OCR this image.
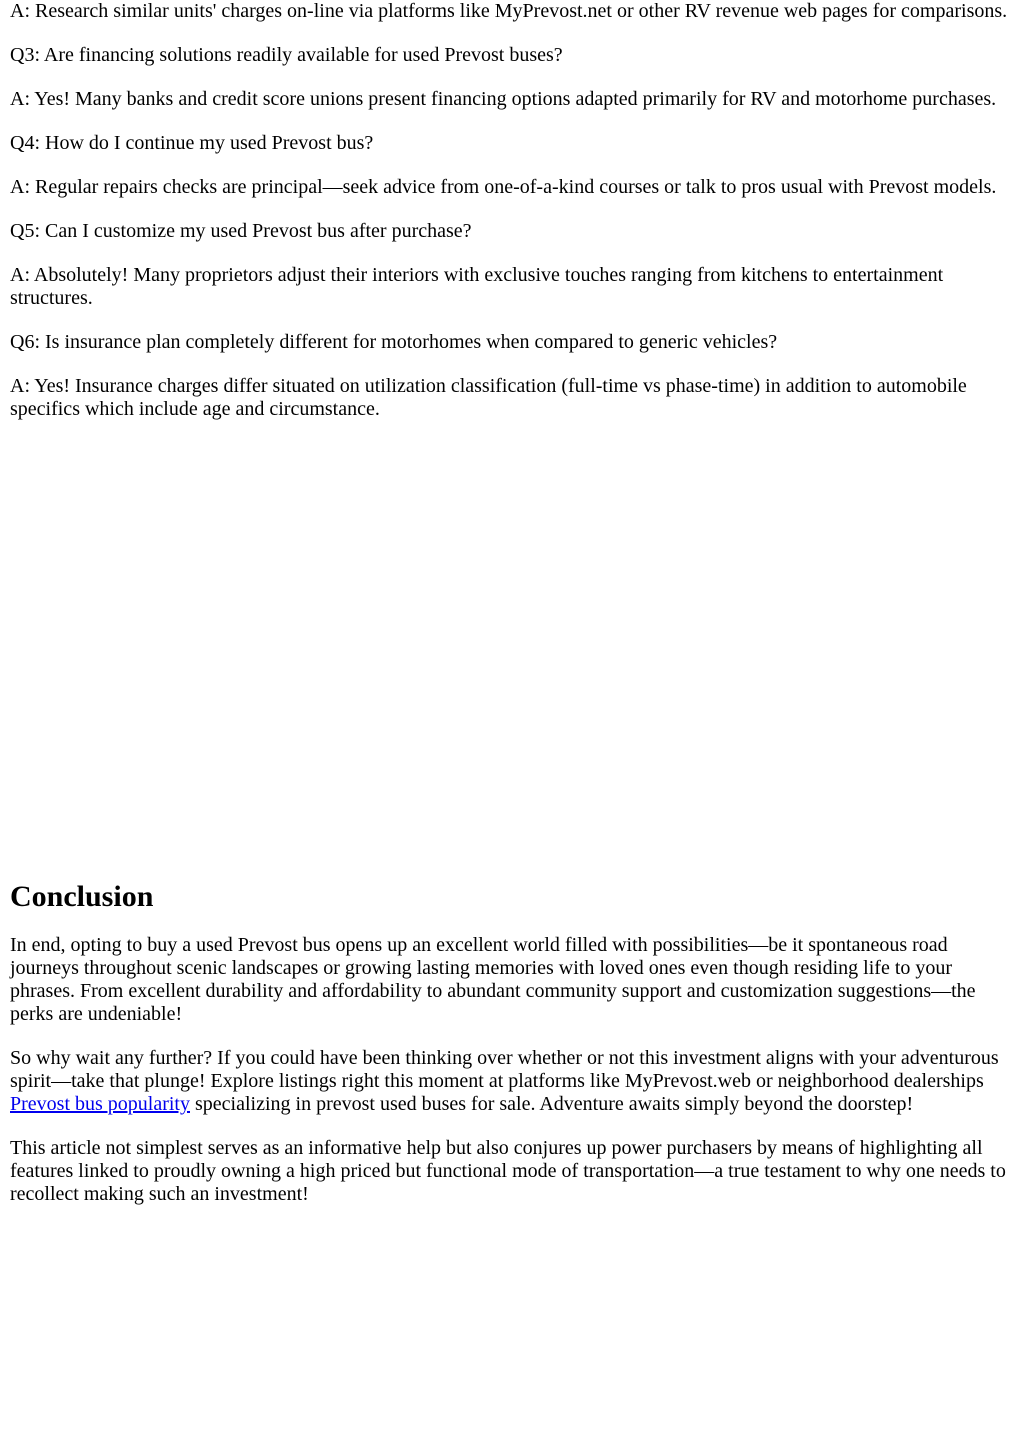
A: Research similar units' charges on-line via platforms like MyPrevost.net or other RV revenue web pages for comparisons.

Q3: Are financing solutions readily available for used Prevost buses?

A: Yes! Many banks and credit score unions present financing options adapted primarily for RV and motorhome purchases.

Q4: How do I continue my used Prevost bus?

A: Regular repairs checks are principal—seek advice from one-of-a-kind courses or talk to pros usual with Prevost models.

Q5: Can I customize my used Prevost bus after purchase?

A: Absolutely! Many proprietors adjust their interiors with exclusive touches ranging from kitchens to entertainment structures.

Q6: Is insurance plan completely different for motorhomes when compared to generic vehicles?

A: Yes! Insurance charges differ situated on utilization classification (full-time vs phase-time) in addition to automobile specifics which include age and circumstance.

Conclusion

In end, opting to buy a used Prevost bus opens up an excellent world filled with possibilities—be it spontaneous road journeys throughout scenic landscapes or growing lasting memories with loved ones even though residing life to your phrases. From excellent durability and affordability to abundant community support and customization suggestions—the perks are undeniable!

So why wait any further? If you could have been thinking over whether or not this investment aligns with your adventurous spirit—take that plunge! Explore listings right this moment at platforms like MyPrevost.web or neighborhood dealerships Prevost bus popularity specializing in prevost used buses for sale. Adventure awaits simply beyond the doorstep!

This article not simplest serves as an informative help but also conjures up power purchasers by means of highlighting all features linked to proudly owning a high priced but functional mode of transportation—a true testament to why one needs to recollect making such an investment!
